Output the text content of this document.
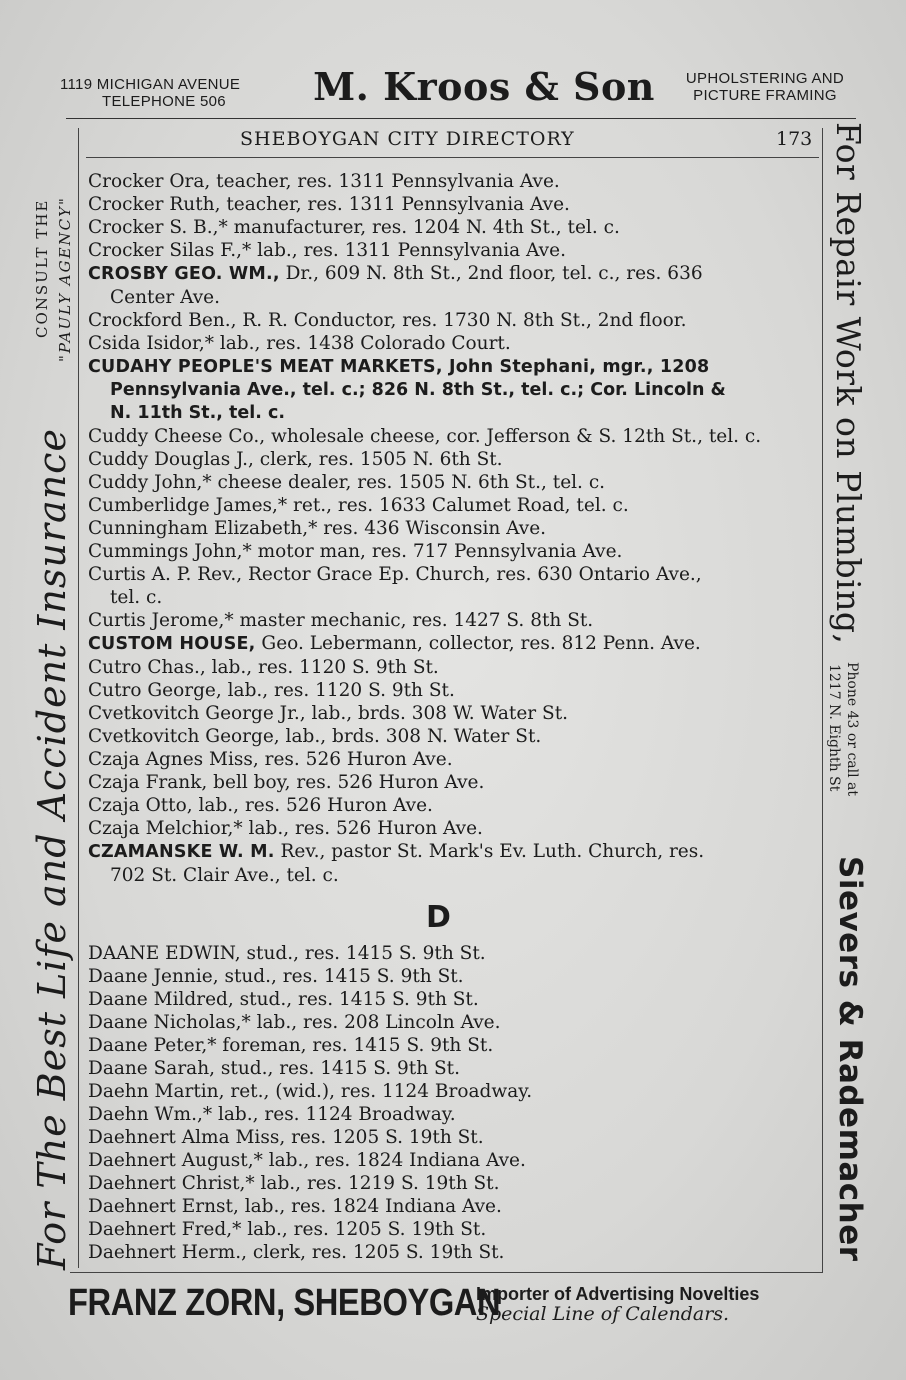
1119 MICHIGAN AVENUE
TELEPHONE 506	M. Kroos & Son	UPHOLSTERING AND
PICTURE FRAMING
SHEBOYGAN CITY DIRECTORY	173
Crocker Ora, teacher, res. 1311 Pennsylvania Ave.
Crocker Ruth, teacher, res. 1311 Pennsylvania Ave.
Crocker S. B.,* manufacturer, res. 1204 N. 4th St., tel. c.
Crocker Silas F.,* lab., res. 1311 Pennsylvania Ave.
CROSBY GEO. WM., Dr., 609 N. 8th St., 2nd floor, tel. c., res. 636
Center Ave.
Crockford Ben., R. R. Conductor, res. 1730 N. 8th St., 2nd floor.
Csida Isidor,* lab., res. 1438 Colorado Court.
CUDAHY PEOPLE'S MEAT MARKETS, John Stephani, mgr., 1208
Pennsylvania Ave., tel. c.; 826 N. 8th St., tel. c.; Cor. Lincoln &
N. 11th St., tel. c.
Cuddy Cheese Co., wholesale cheese, cor. Jefferson & S. 12th St., tel. c.
Cuddy Douglas J., clerk, res. 1505 N. 6th St.
Cuddy John,* cheese dealer, res. 1505 N. 6th St., tel. c.
Cumberlidge James,* ret., res. 1633 Calumet Road, tel. c.
Cunningham Elizabeth,* res. 436 Wisconsin Ave.
Cummings John,* motor man, res. 717 Pennsylvania Ave.
Curtis A. P. Rev., Rector Grace Ep. Church, res. 630 Ontario Ave.,
tel. c.
Curtis Jerome,* master mechanic, res. 1427 S. 8th St.
CUSTOM HOUSE, Geo. Lebermann, collector, res. 812 Penn. Ave.
Cutro Chas., lab., res. 1120 S. 9th St.
Cutro George, lab., res. 1120 S. 9th St.
Cvetkovitch George Jr., lab., brds. 308 W. Water St.
Cvetkovitch George, lab., brds. 308 N. Water St.
Czaja Agnes Miss, res. 526 Huron Ave.
Czaja Frank, bell boy, res. 526 Huron Ave.
Czaja Otto, lab., res. 526 Huron Ave.
Czaja Melchior,* lab., res. 526 Huron Ave.
CZAMANSKE W. M. Rev., pastor St. Mark's Ev. Luth. Church, res.
702 St. Clair Ave., tel. c.
D
DAANE EDWIN, stud., res. 1415 S. 9th St.
Daane Jennie, stud., res. 1415 S. 9th St.
Daane Mildred, stud., res. 1415 S. 9th St.
Daane Nicholas,* lab., res. 208 Lincoln Ave.
Daane Peter,* foreman, res. 1415 S. 9th St.
Daane Sarah, stud., res. 1415 S. 9th St.
Daehn Martin, ret., (wid.), res. 1124 Broadway.
Daehn Wm.,* lab., res. 1124 Broadway.
Daehnert Alma Miss, res. 1205 S. 19th St.
Daehnert August,* lab., res. 1824 Indiana Ave.
Daehnert Christ,* lab., res. 1219 S. 19th St.
Daehnert Ernst, lab., res. 1824 Indiana Ave.
Daehnert Fred,* lab., res. 1205 S. 19th St.
Daehnert Herm., clerk, res. 1205 S. 19th St.
For The Best Life and Accident Insurance
CONSULT THE "PAULY AGENCY"	For Repair Work on Plumbing,
Phone 43 or call at
1217 N. Eighth St
Sievers & Rademacher
FRANZ ZORN, SHEBOYGAN
Importer of Advertising Novelties
Special Line of Calendars.
